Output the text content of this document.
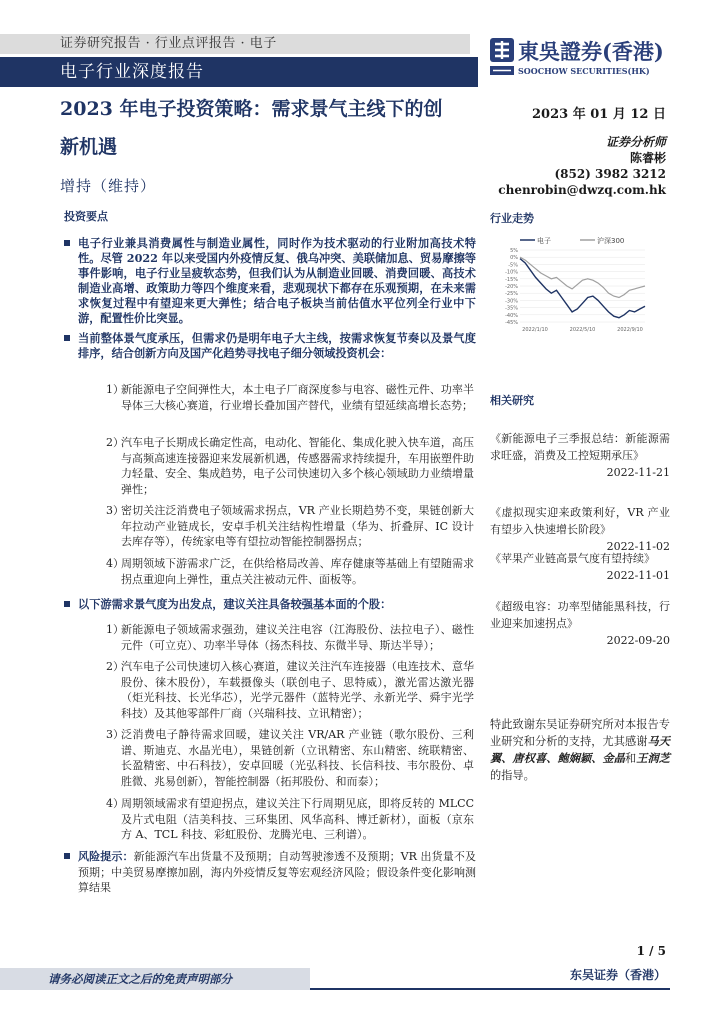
证券研究报告 · 行业点评报告 · 电子
电子行业深度报告
東吳證券(香港)
SOOCHOW SECURITIES(HK)
2023 年电子投资策略：需求景气主线下的创
新机遇
2023 年 01 月 12 日
证券分析师
陈睿彬
(852) 3982 3212
chenrobin@dwzq.com.hk
增持（维持）
投资要点
电子行业兼具消费属性与制造业属性，同时作为技术驱动的行业附加高技术特性。尽管 2022 年以来受国内外疫情反复、俄乌冲突、美联储加息、贸易摩擦等事件影响，电子行业呈疲软态势，但我们认为从制造业回暖、消费回暖、高技术制造业高增、政策助力等四个维度来看，悲观现状下都存在乐观预期，在未来需求恢复过程中有望迎来更大弹性；结合电子板块当前估值水平位列全行业中下游，配置性价比突显。
当前整体景气度承压，但需求仍是明年电子大主线，按需求恢复节奏以及景气度排序，结合创新方向及国产化趋势寻找电子细分领域投资机会：
1）
新能源电子空间弹性大，本土电子厂商深度参与电容、磁性元件、功率半导体三大核心赛道，行业增长叠加国产替代，业绩有望延续高增长态势；
2）
汽车电子长期成长确定性高，电动化、智能化、集成化驶入快车道，高压与高频高速连接器迎来发展新机遇，传感器需求持续提升，车用嵌塑件助力轻量、安全、集成趋势，电子公司快速切入多个核心领域助力业绩增量弹性；
3）
密切关注泛消费电子领域需求拐点，VR 产业长期趋势不变，果链创新大年拉动产业链成长，安卓手机关注结构性增量（华为、折叠屏、IC 设计去库存等），传统家电等有望拉动智能控制器拐点；
4）
周期领域下游需求广泛，在供给格局改善、库存健康等基础上有望随需求拐点重迎向上弹性，重点关注被动元件、面板等。
以下游需求景气度为出发点，建议关注具备较强基本面的个股：
1）
新能源电子领域需求强劲，建议关注电容（江海股份、法拉电子）、磁性元件（可立克）、功率半导体（扬杰科技、东微半导、斯达半导）；
2）
汽车电子公司快速切入核心赛道，建议关注汽车连接器（电连技术、意华股份、徕木股份），车载摄像头（联创电子、思特威），激光雷达激光器（炬光科技、长光华芯），光学元器件（蓝特光学、永新光学、舜宇光学科技）及其他零部件厂商（兴瑞科技、立讯精密）；
3）
泛消费电子静待需求回暖，建议关注 VR/AR 产业链（歌尔股份、三利谱、斯迪克、水晶光电），果链创新（立讯精密、东山精密、统联精密、长盈精密、中石科技），安卓回暖（光弘科技、长信科技、韦尔股份、卓胜微、兆易创新），智能控制器（拓邦股份、和而泰）；
4）
周期领域需求有望迎拐点，建议关注下行周期见底，即将反转的 MLCC 及片式电阻（洁美科技、三环集团、风华高科、博迁新材），面板（京东方 A、TCL 科技、彩虹股份、龙腾光电、三利谱）。
风险提示：新能源汽车出货量不及预期；自动驾驶渗透不及预期；VR 出货量不及预期；中美贸易摩擦加剧，海内外疫情反复等宏观经济风险；假设条件变化影响测算结果
行业走势
5%
0%
-5%
-10%
-15%
-20%
-25%
-30%
-35%
-40%
-45%
2022/1/10	2022/5/10	2022/9/10
电子	沪深300
相关研究
《新能源电子三季报总结：新能源需求旺盛，消费及工控短期承压》
2022-11-21
《虚拟现实迎来政策利好，VR 产业有望步入快速增长阶段》
2022-11-02
《苹果产业链高景气度有望持续》
2022-11-01
《超级电容：功率型储能黑科技，行业迎来加速拐点》
2022-09-20
特此致谢东吴证券研究所对本报告专业研究和分析的支持，尤其感谢马天翼、唐权喜、鲍娴颖、金晶和王润芝的指导。
1 / 5
请务必阅读正文之后的免责声明部分	东吴证券（香港）
